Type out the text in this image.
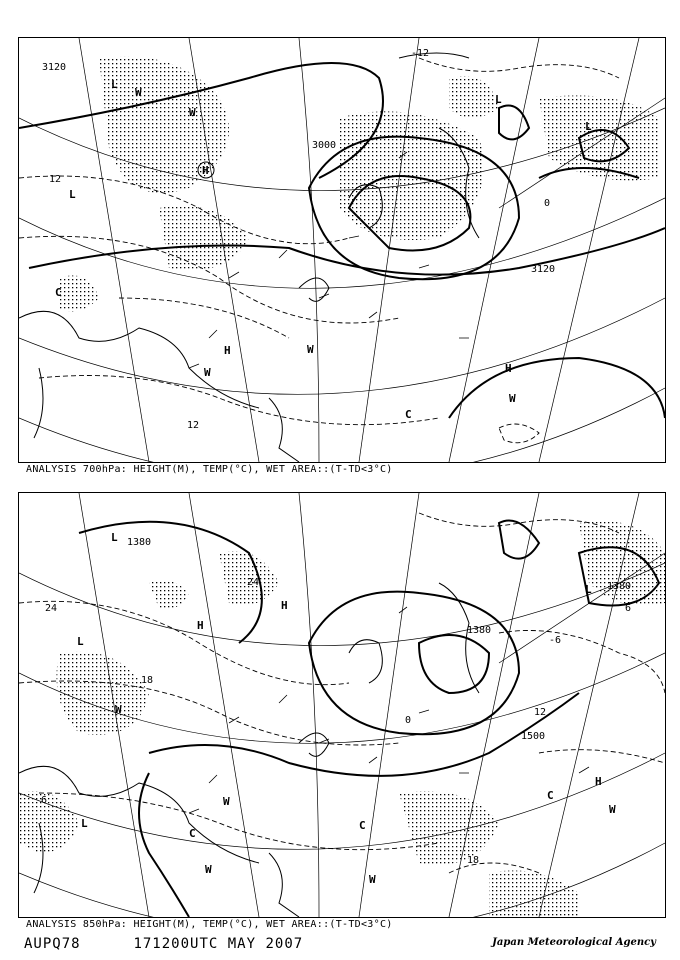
3120
3000
3120
-12
12
12
0
L
L
L
L
H
H
H
C
C
W
W
W
W
W
ANALYSIS 700hPa: HEIGHT(M), TEMP(°C), WET AREA::(T-TD<3°C)
1380
1380
1380
1500
24
24
18
12
6
-6
6
18
0
L
L
L
L
H
H
H
C
C
C
W
W
W
W
W
ANALYSIS 850hPa: HEIGHT(M), TEMP(°C), WET AREA::(T-TD<3°C)
AUPQ78	171200UTC MAY 2007	Japan Meteorological Agency
